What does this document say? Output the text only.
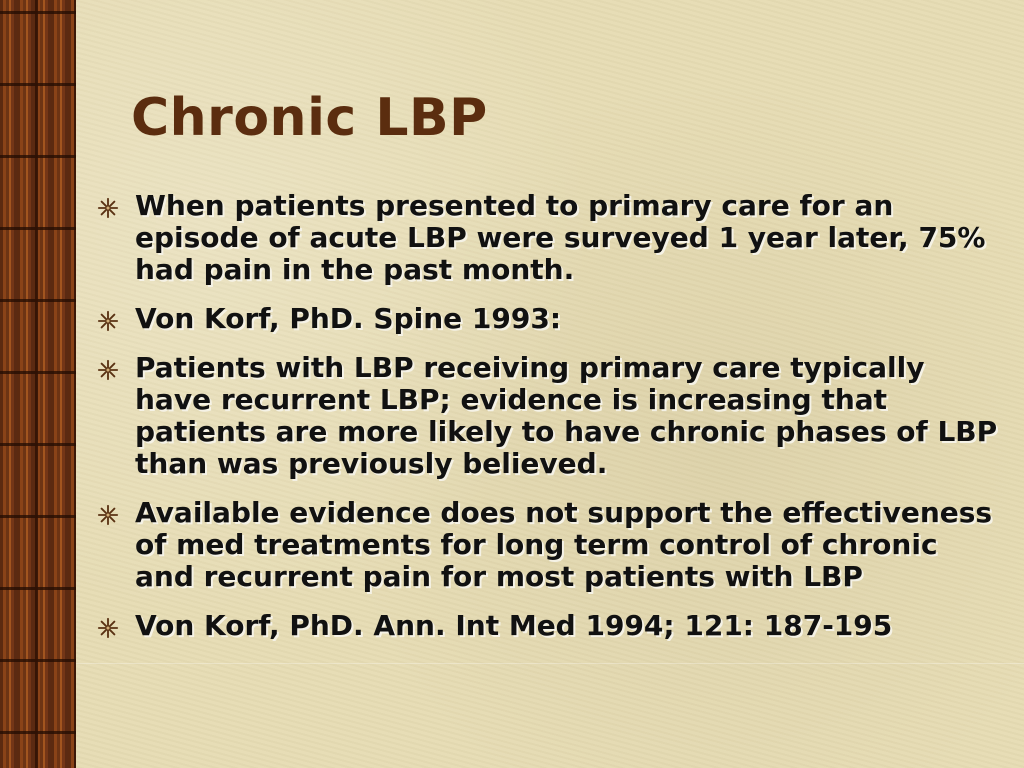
Chronic LBP
When patients presented to primary care for an episode of acute LBP were surveyed 1 year later, 75% had pain in the past month.
Von Korf, PhD. Spine 1993:
Patients with LBP receiving primary care typically have recurrent LBP; evidence is increasing that patients are more likely to have chronic phases of LBP than was previously believed.
Available evidence does not support the effectiveness of med treatments for long term control of chronic and recurrent pain for most patients with LBP
Von Korf, PhD. Ann. Int Med 1994; 121: 187-195
